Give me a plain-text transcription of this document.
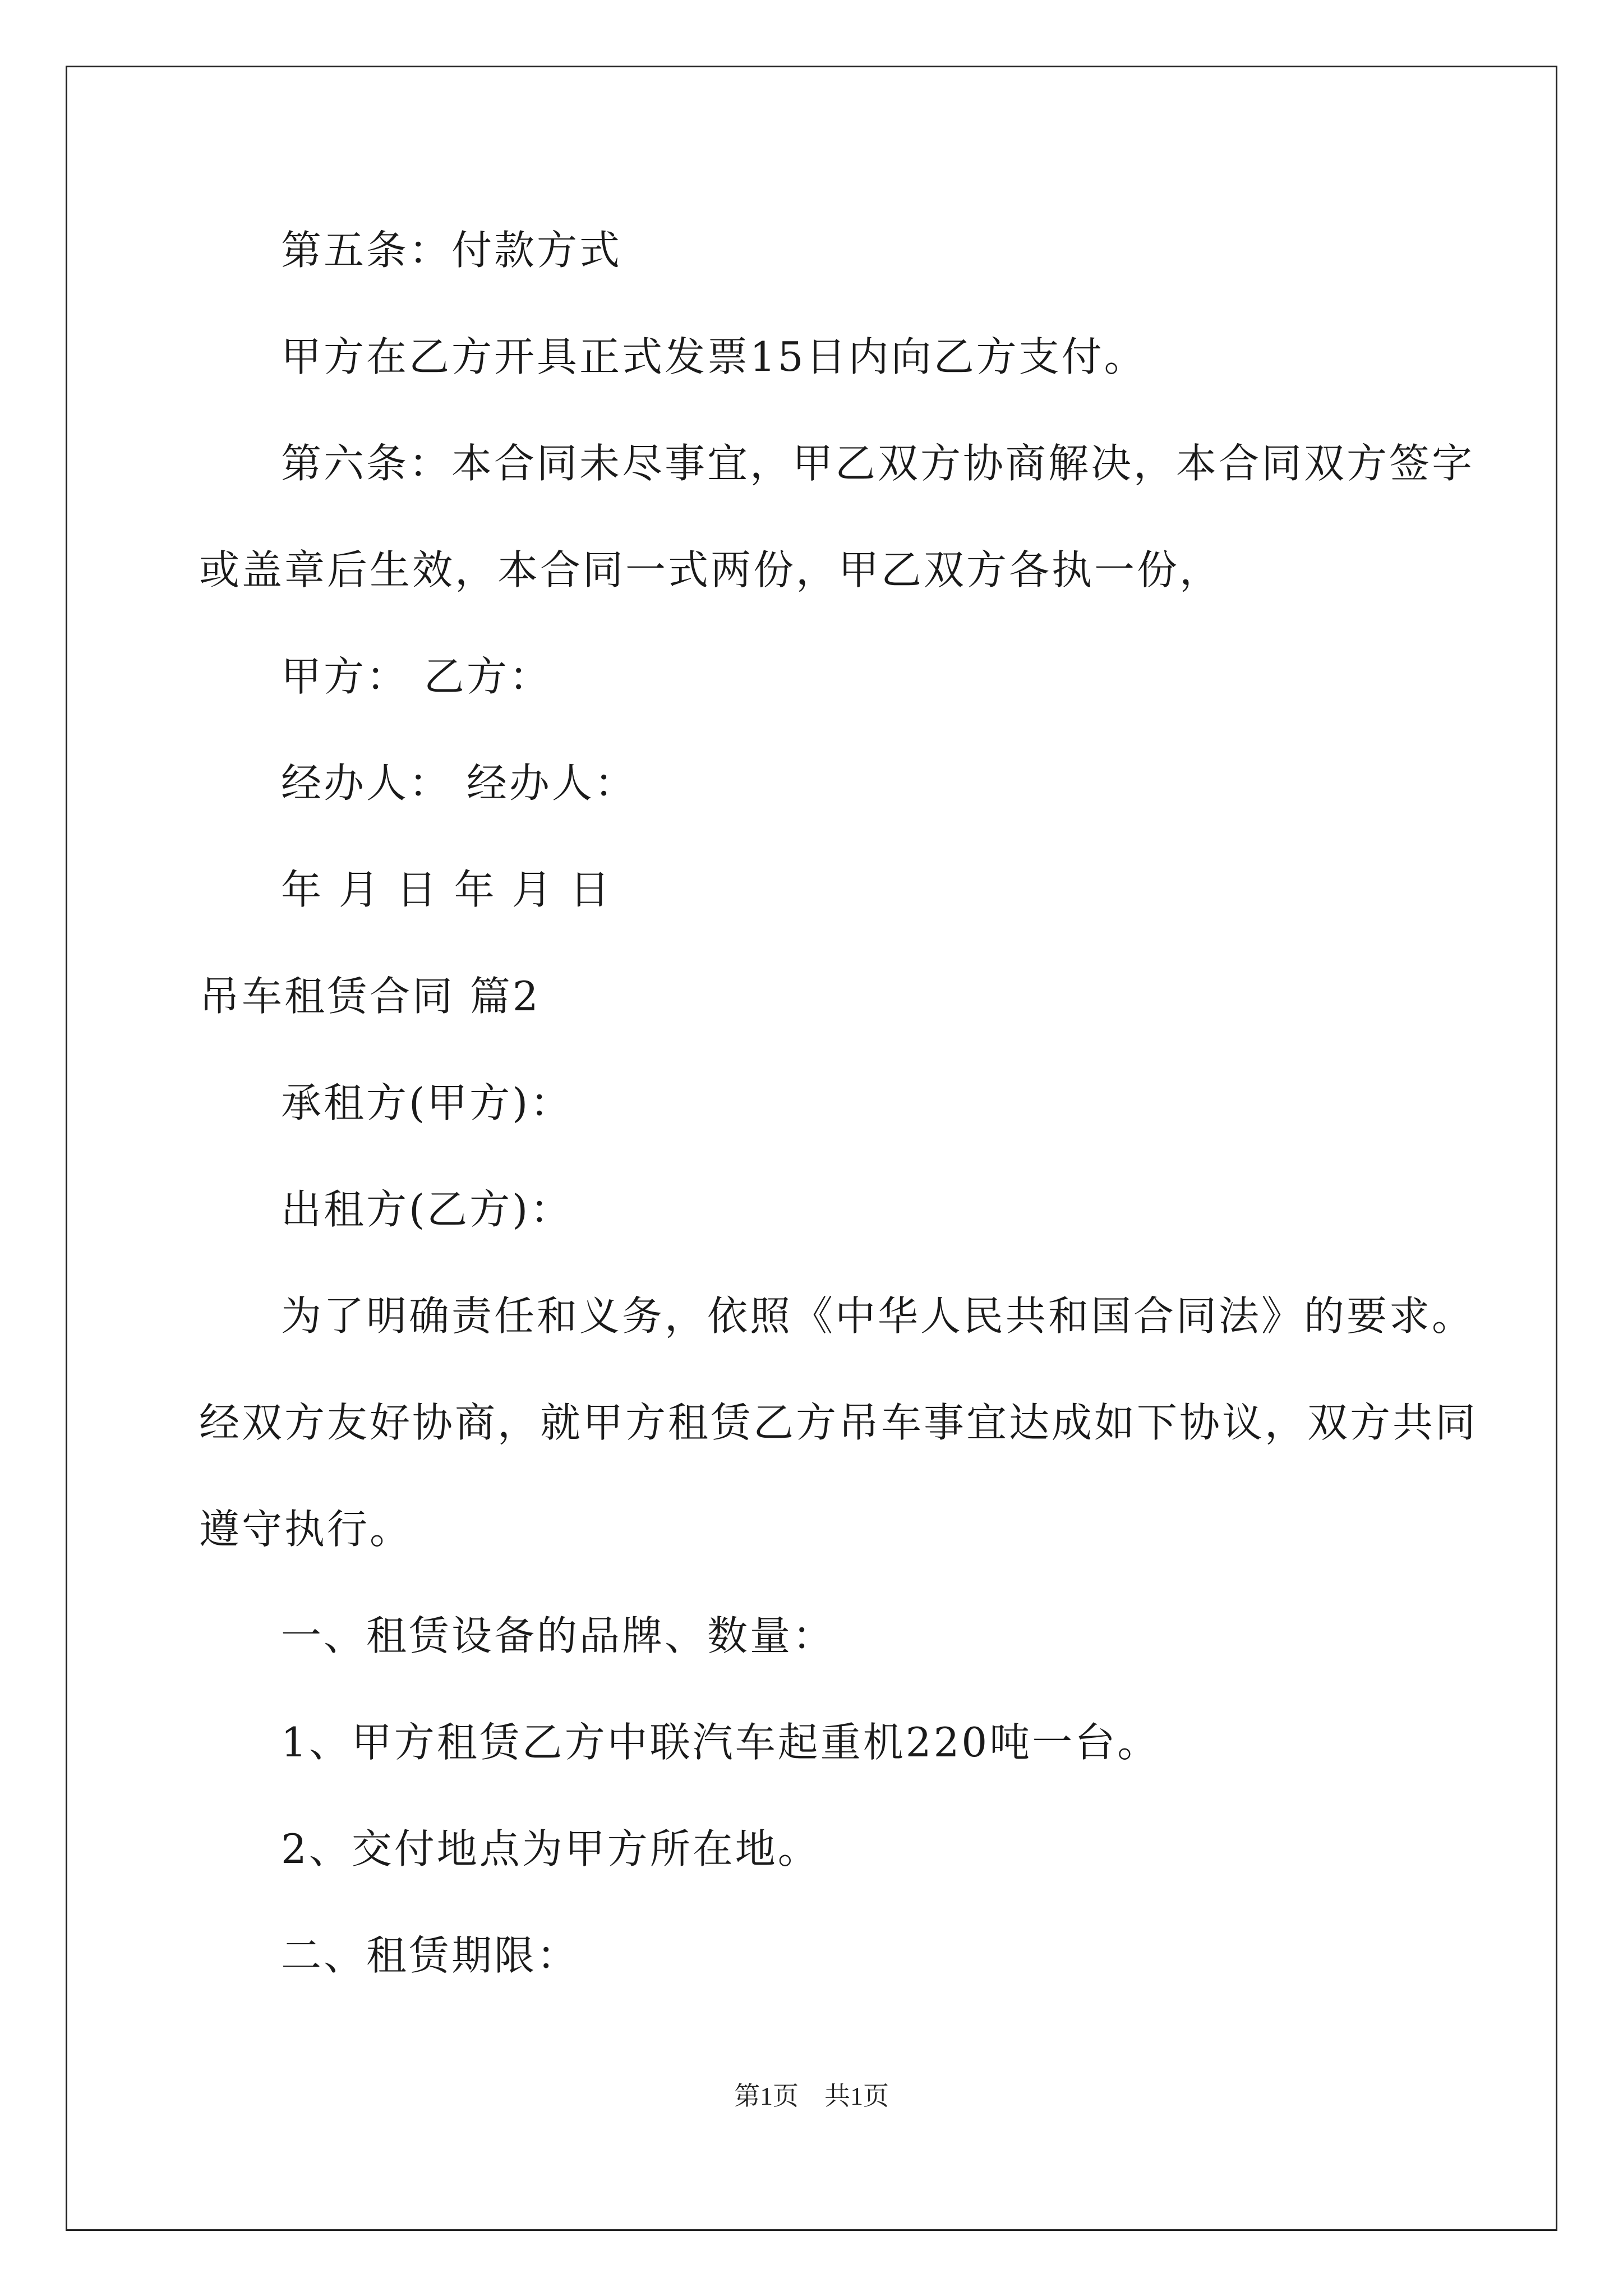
第五条：付款方式
甲方在乙方开具正式发票15日内向乙方支付。
第六条：本合同未尽事宜，甲乙双方协商解决，本合同双方签字
或盖章后生效，本合同一式两份，甲乙双方各执一份，
甲方： 乙方：
经办人： 经办人：
年 月 日 年 月 日
吊车租赁合同 篇2
承租方(甲方)：
出租方(乙方)：
为了明确责任和义务，依照《中华人民共和国合同法》的要求。
经双方友好协商，就甲方租赁乙方吊车事宜达成如下协议，双方共同
遵守执行。
一、租赁设备的品牌、数量：
1、甲方租赁乙方中联汽车起重机220吨一台。
2、交付地点为甲方所在地。
二、租赁期限：
第1页　共1页
